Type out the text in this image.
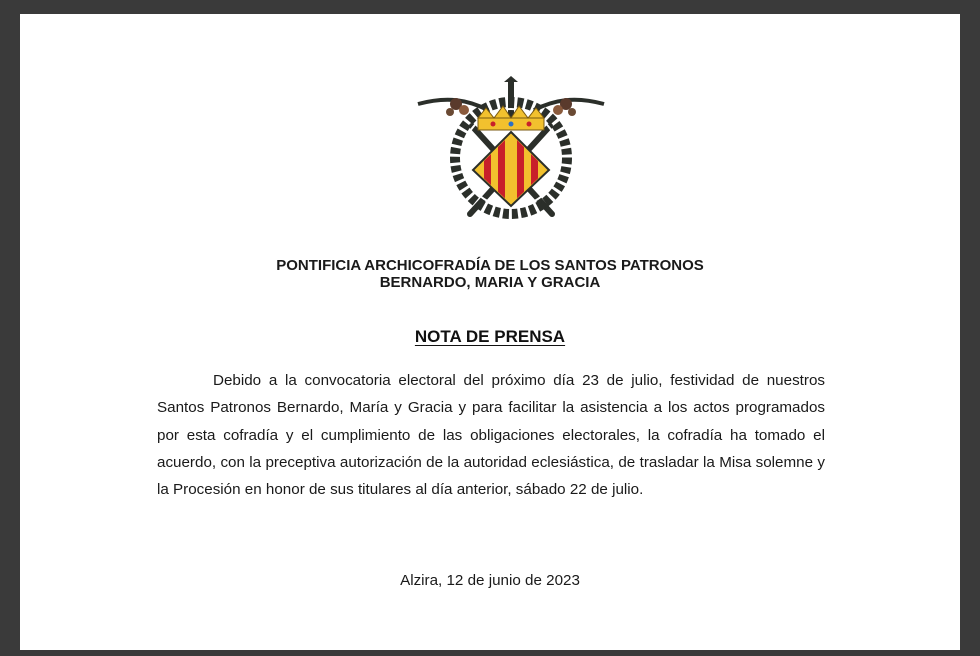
PONTIFICIA ARCHICOFRADÍA DE LOS SANTOS PATRONOS

BERNARDO, MARIA Y GRACIA

NOTA DE PRENSA

Debido a la convocatoria electoral del próximo día 23 de julio, festividad de nuestros Santos Patronos Bernardo, María y Gracia y para facilitar la asistencia a los actos programados por esta cofradía y el cumplimiento de las obligaciones electorales, la cofradía ha tomado el acuerdo, con la preceptiva autorización de la autoridad eclesiástica, de trasladar la Misa solemne y la Procesión en honor de sus titulares al día anterior, sábado 22 de julio.

Alzira, 12 de junio de 2023
